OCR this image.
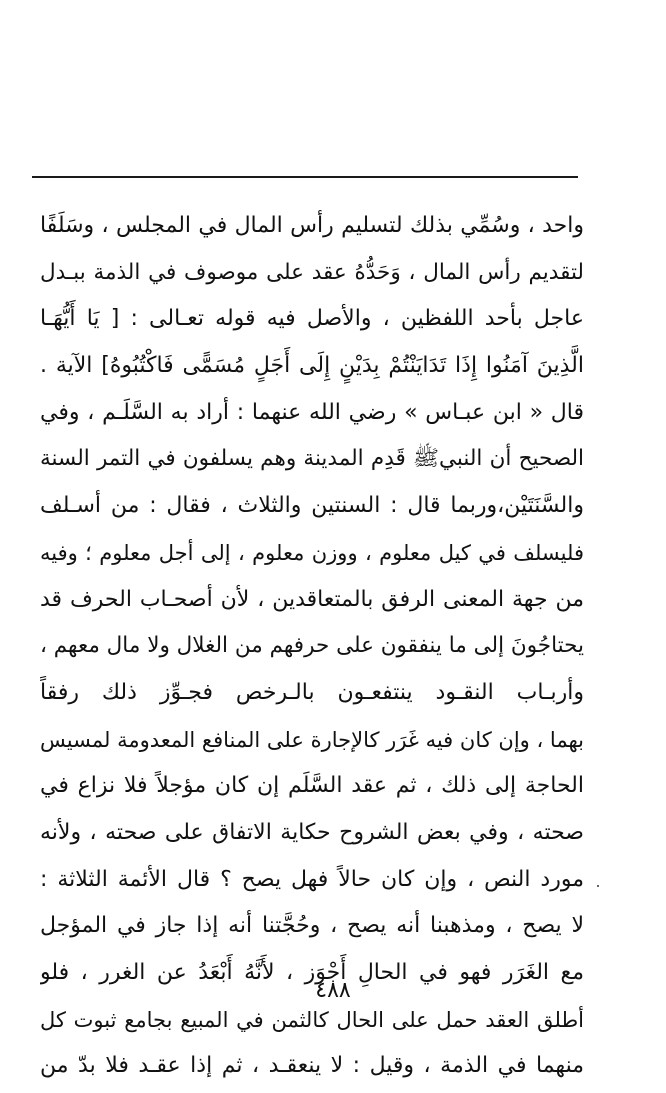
واحد ، وسُمِّي بذلك لتسليم رأس المال في المجلس ، وسَلَفًا
لتقديم رأس المال ، وَحَدُّهُ عقد على موصوف في الذمة ببـدل
عاجل بأحد اللفظين ، والأصل فيه قوله تعـالى : [ يَا أَيُّهَـا
الَّذِينَ آمَنُوا إِذَا تَدَايَنْتُمْ بِدَيْنٍ إِلَى أَجَلٍ مُسَمًّى فَاكْتُبُوهُ] الآية .
قال « ابن عبـاس » رضي الله عنهما : أراد به السَّلَـم ، وفي
الصحيح أن النبيﷺ قَدِم المدينة وهم يسلفون في التمر السنة
والسَّنَتَيْن،وربما قال : السنتين والثلاث ، فقال : من أسـلف
فليسلف في كيل معلوم ، ووزن معلوم ، إلى أجل معلوم ؛ وفيه
من جهة المعنى الرفق بالمتعاقدين ، لأن أصحـاب الحرف قد
يحتاجُونَ إلى ما ينفقون على حرفهم من الغلال ولا مال معهم ،
وأربـاب النقـود ينتفعـون بالـرخص فجـوِّز ذلك رفقاً
بهما ، وإن كان فيه غَرَر كالإجارة على المنافع المعدومة لمسيس
الحاجة إلى ذلك ، ثم عقد السَّلَم إن كان مؤجلاً فلا نزاع في
صحته ، وفي بعض الشروح حكاية الاتفاق على صحته ، ولأنه
مورد النص ، وإن كان حالاً فهل يصح ؟ قال الأئمة الثلاثة :
لا يصح ، ومذهبنا أنه يصح ، وحُجَّتنا أنه إذا جاز في المؤجل
مع الغَرَر فهو في الحالِ أَجْوَز ، لأَنَّهُ أَبْعَدُ عن الغرر ، فلو
أطلق العقد حمل على الحال كالثمن في المبيع بجامع ثبوت كل
منهما في الذمة ، وقيل : لا ينعقـد ، ثم إذا عقـد فلا بدّ من
٤٨٨
